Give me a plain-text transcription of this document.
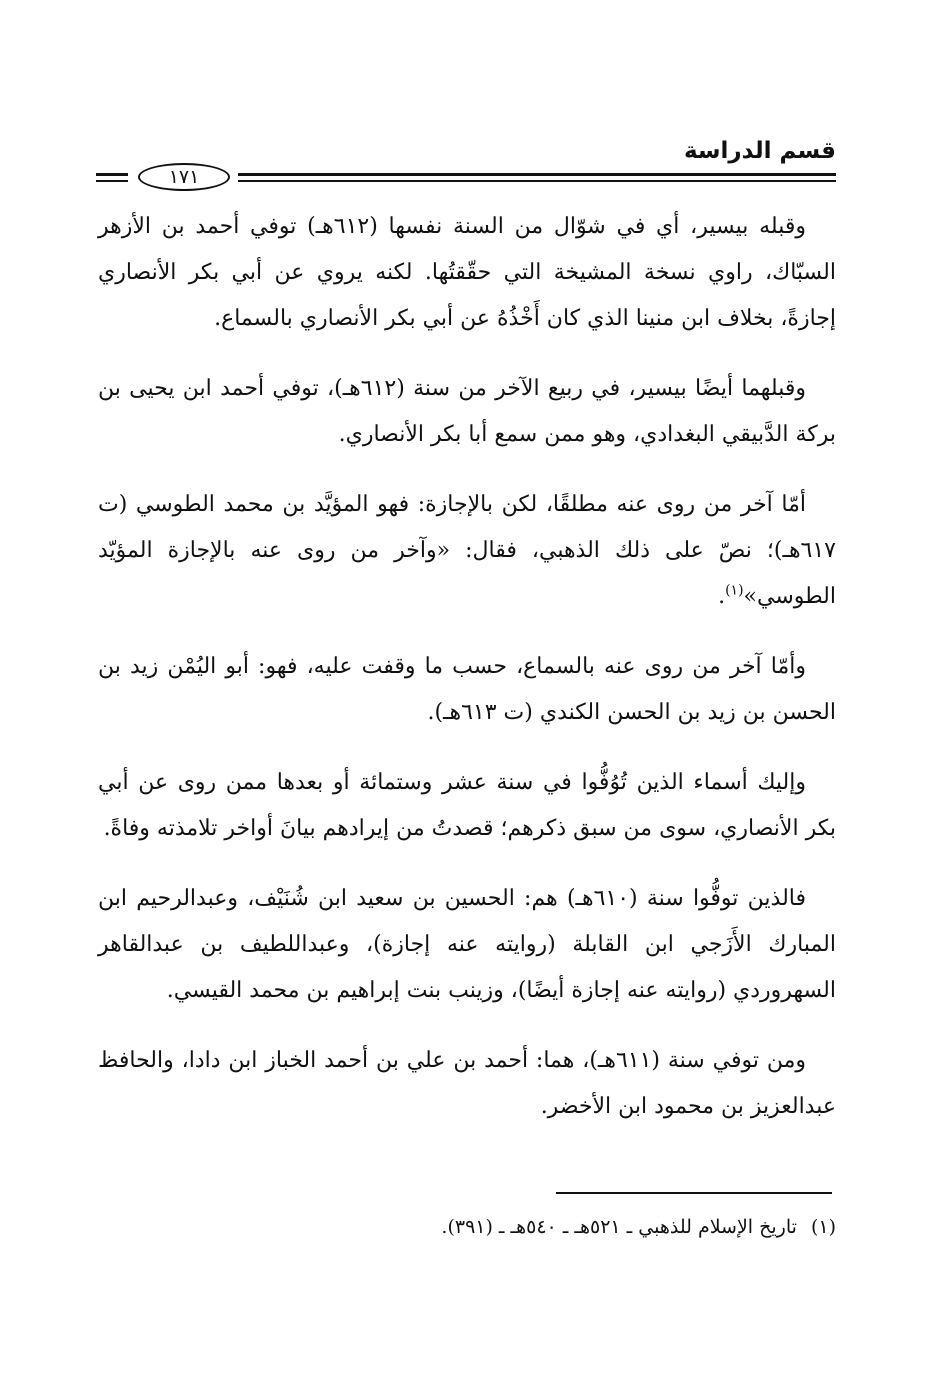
قسم الدراسة
١٧١

وقبله بيسير، أي في شوّال من السنة نفسها (٦١٢هـ) توفي أحمد بن الأزهر السبّاك، راوي نسخة المشيخة التي حقّقتُها. لكنه يروي عن أبي بكر الأنصاري إجازةً، بخلاف ابن منينا الذي كان أَخْذُهُ عن أبي بكر الأنصاري بالسماع.

وقبلهما أيضًا بيسير، في ربيع الآخر من سنة (٦١٢هـ)، توفي أحمد ابن يحيى بن بركة الدَّبيقي البغدادي، وهو ممن سمع أبا بكر الأنصاري.

أمّا آخر من روى عنه مطلقًا، لكن بالإجازة: فهو المؤيَّد بن محمد الطوسي (ت ٦١٧هـ)؛ نصّ على ذلك الذهبي، فقال: «وآخر من روى عنه بالإجازة المؤيّد الطوسي»$^{(١)}$.

وأمّا آخر من روى عنه بالسماع، حسب ما وقفت عليه، فهو: أبو اليُمْن زيد بن الحسن بن زيد بن الحسن الكندي (ت ٦١٣هـ).

وإليك أسماء الذين تُوُفُّوا في سنة عشر وستمائة أو بعدها ممن روى عن أبي بكر الأنصاري، سوى من سبق ذكرهم؛ قصدتُ من إيرادهم بيانَ أواخر تلامذته وفاةً.

فالذين توفُّوا سنة (٦١٠هـ) هم: الحسين بن سعيد ابن شُنَيْف، وعبدالرحيم ابن المبارك الأَزَجي ابن القابلة (روايته عنه إجازة)، وعبداللطيف بن عبدالقاهر السهروردي (روايته عنه إجازة أيضًا)، وزينب بنت إبراهيم بن محمد القيسي.

ومن توفي سنة (٦١١هـ)، هما: أحمد بن علي بن أحمد الخباز ابن دادا، والحافظ عبدالعزيز بن محمود ابن الأخضر.

(١)تاريخ الإسلام للذهبي ـ ٥٢١هـ ـ ٥٤٠هـ ـ (٣٩١).
